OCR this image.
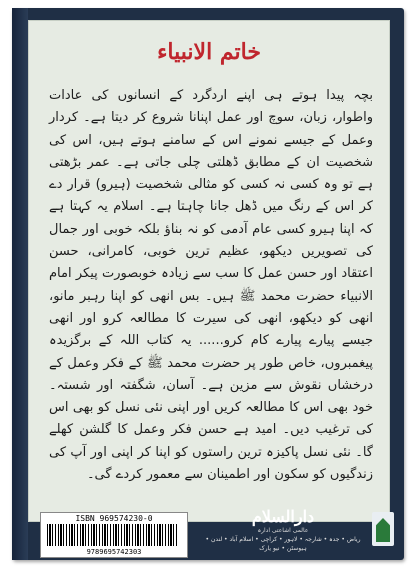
خاتم الانبیاء

بچہ پیدا ہوتے ہی اپنے اردگرد کے انسانوں کی عادات واطوار، زبان، سوچ اور عمل اپنانا شروع کر دیتا ہے۔ کردار وعمل کے جیسے نمونے اس کے سامنے ہوتے ہیں، اس کی شخصیت ان کے مطابق ڈھلتی چلی جاتی ہے۔ عمر بڑھتی ہے تو وہ کسی نہ کسی کو مثالی شخصیت (ہیرو) قرار دے کر اس کے رنگ میں ڈھل جانا چاہتا ہے۔ اسلام یہ کہتا ہے کہ اپنا ہیرو کسی عام آدمی کو نہ بناؤ بلکہ خوبی اور جمال کی تصویریں دیکھو، عظیم ترین خوبی، کامرانی، حسن اعتقاد اور حسن عمل کا سب سے زیادہ خوبصورت پیکر امام الانبیاء حضرت محمد ﷺ ہیں۔ بس انھی کو اپنا رہبر مانو، انھی کو دیکھو، انھی کی سیرت کا مطالعہ کرو اور انھی جیسے پیارے پیارے کام کرو...... یہ کتاب اللہ کے برگزیدہ پیغمبروں، خاص طور پر حضرت محمد ﷺ کے فکر وعمل کے درخشاں نقوش سے مزین ہے۔ آسان، شگفتہ اور شستہ۔ خود بھی اس کا مطالعہ کریں اور اپنی نئی نسل کو بھی اس کی ترغیب دیں۔ امید ہے حسن فکر وعمل کا گلشن کھلے گا۔ نئی نسل پاکیزہ ترین راستوں کو اپنا کر اپنی اور آپ کی زندگیوں کو سکون اور اطمینان سے معمور کردے گی۔

ISBN 969574230-0
9789695742303
دارالسلام
عالمی اشاعتی ادارہ
ریاض • جدہ • شارجہ • لاہور • کراچی • اسلام آباد • لندن • ہیوسٹن • نیو یارک
